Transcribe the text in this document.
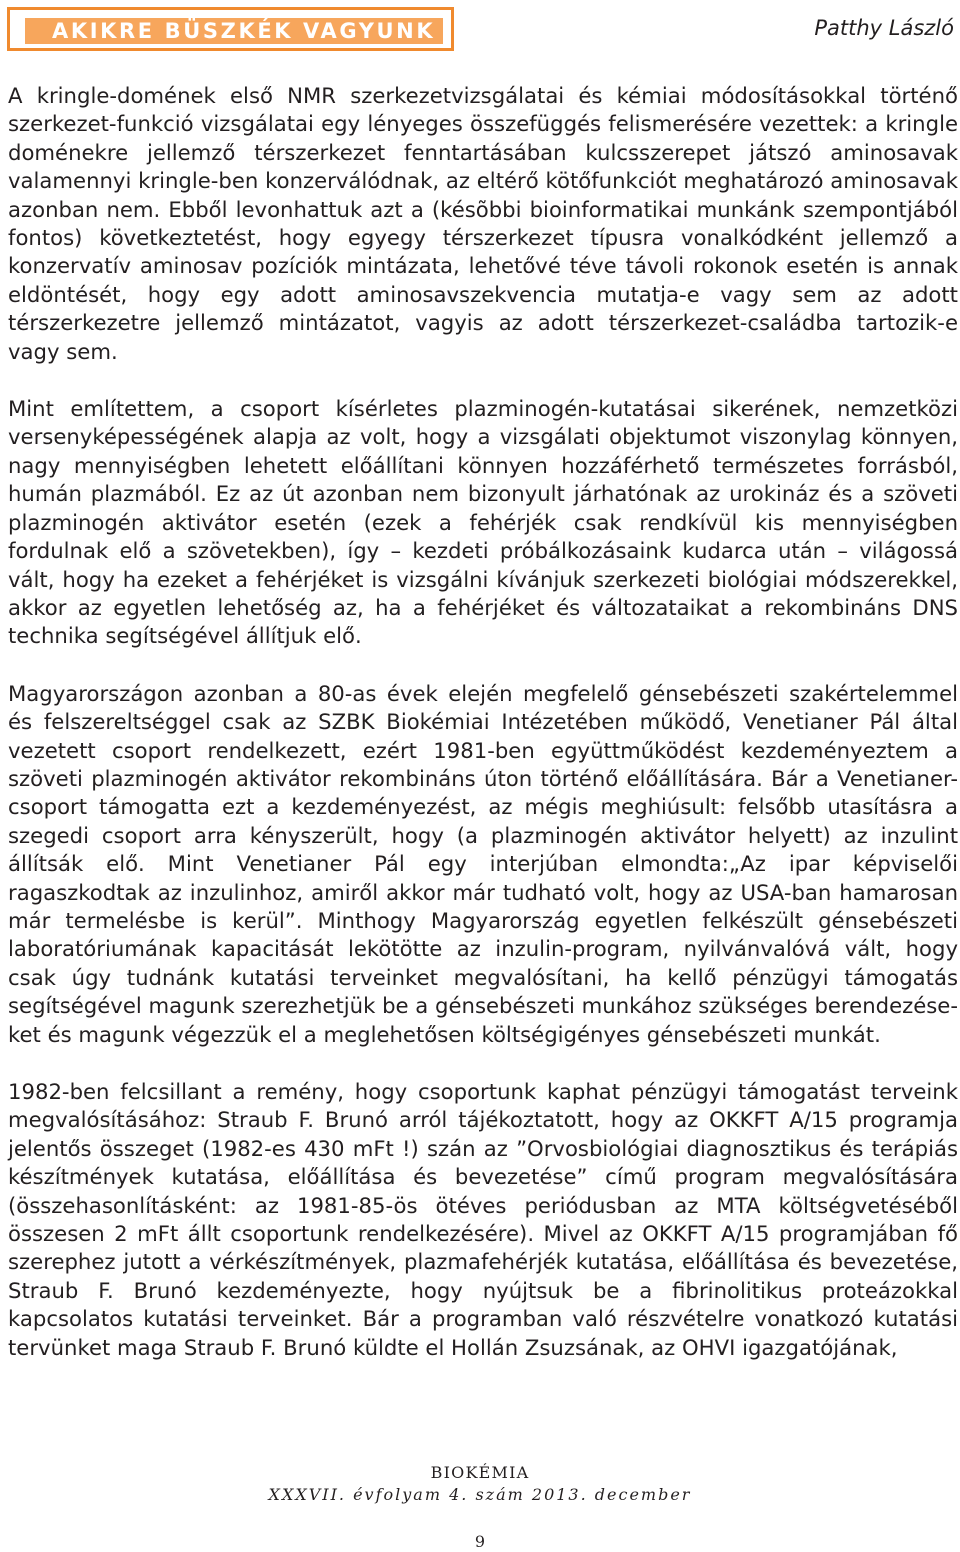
AKIKRE BÜSZKÉK VAGYUNK	Patthy László

A kringle-domének első NMR szerkezetvizsgálatai és kémiai módosításokkal történő szerkezet-funkció vizsgálatai egy lényeges összefüggés felismerésére vezettek: a kringle doménekre jellemző térszerkezet fenntartásában kulcsszerepet játszó aminosavak valamennyi kringle-ben konzerválódnak, az eltérő kötőfunkciót meghatározó aminosavak azonban nem. Ebből levonhattuk azt a (késõbbi bioinformatikai munkánk szempontjából fontos) következtetést, hogy egyegy térszerkezet típusra vonalkódként jellemző a konzervatív aminosav pozíciók mintázata, lehetővé téve távoli rokonok esetén is annak eldöntését, hogy egy adott aminosavszekvencia mutatja-e vagy sem az adott térszerkezetre jellemző mintázatot, vagyis az adott térszerkezet-családba tartozik-e vagy sem.

Mint említettem, a csoport kísérletes plazminogén-kutatásai sikerének, nemzetközi versenyképességének alapja az volt, hogy a vizsgálati objektumot viszonylag könnyen, nagy mennyiségben lehetett előállítani könnyen hozzáférhető természetes forrásból, humán plazmából. Ez az út azonban nem bizonyult járhatónak az urokináz és a szöveti plazminogén aktivátor esetén (ezek a fehérjék csak rendkívül kis mennyiségben fordulnak elő a szövetekben), így – kezdeti próbálkozásaink kudarca után – világossá vált, hogy ha ezeket a fehérjéket is vizsgálni kívánjuk szerkezeti biológiai módszerekkel, akkor az egyetlen lehetőség az, ha a fehérjéket és változataikat a rekombináns DNS technika segítségével állítjuk elő.

Magyarországon azonban a 80-as évek elején megfelelő génsebészeti szakértelemmel és felszereltséggel csak az SZBK Biokémiai Intézetében működő, Venetianer Pál által vezetett csoport rendelkezett, ezért 1981-ben együttműködést kezdeményeztem a szöveti plazminogén aktivátor rekombináns úton történő előállítására. Bár a Venetianer-csoport támogatta ezt a kezdeményezést, az mégis meghiúsult: felsőbb utasításra a szegedi csoport arra kényszerült, hogy (a plazminogén aktivátor helyett) az inzulint állítsák elő. Mint Venetianer Pál egy interjúban elmondta:„Az ipar képviselői ragaszkodtak az inzulinhoz, amiről akkor már tudható volt, hogy az USA-ban hamarosan már termelésbe is kerül”. Minthogy Magyarország egyetlen felkészült génsebészeti laboratóriumának kapacitását lekötötte az inzulin-program, nyilvánvalóvá vált, hogy csak úgy tudnánk kutatási terveinket megvalósítani, ha kellő pénzügyi támogatás segítségével magunk szerezhetjük be a génsebészeti munkához szükséges berendezéseket és magunk végezzük el a meglehetősen költségigényes génsebészeti munkát.

1982-ben felcsillant a remény, hogy csoportunk kaphat pénzügyi támogatást terveink megvalósításához: Straub F. Brunó arról tájékoztatott, hogy az OKKFT A/15 programja jelentős összeget (1982-es 430 mFt !) szán az ”Orvosbiológiai diagnosztikus és terápiás készítmények kutatása, előállítása és bevezetése” című program megvalósítására (összehasonlításként: az 1981-85-ös ötéves periódusban az MTA költségvetéséből összesen 2 mFt állt csoportunk rendelkezésére). Mivel az OKKFT A/15 programjában fő szerephez jutott a vérkészítmények, plazmafehérjék kutatása, előállítása és bevezetése, Straub F. Brunó kezdeményezte, hogy nyújtsuk be a fibrinolitikus proteázokkal kapcsolatos kutatási terveinket. Bár a programban való részvételre vonatkozó kutatási tervünket maga Straub F. Brunó küldte el Hollán Zsuzsának, az OHVI igazgatójának,

BIOKÉMIA
XXXVII. évfolyam 4. szám 2013. december
9
